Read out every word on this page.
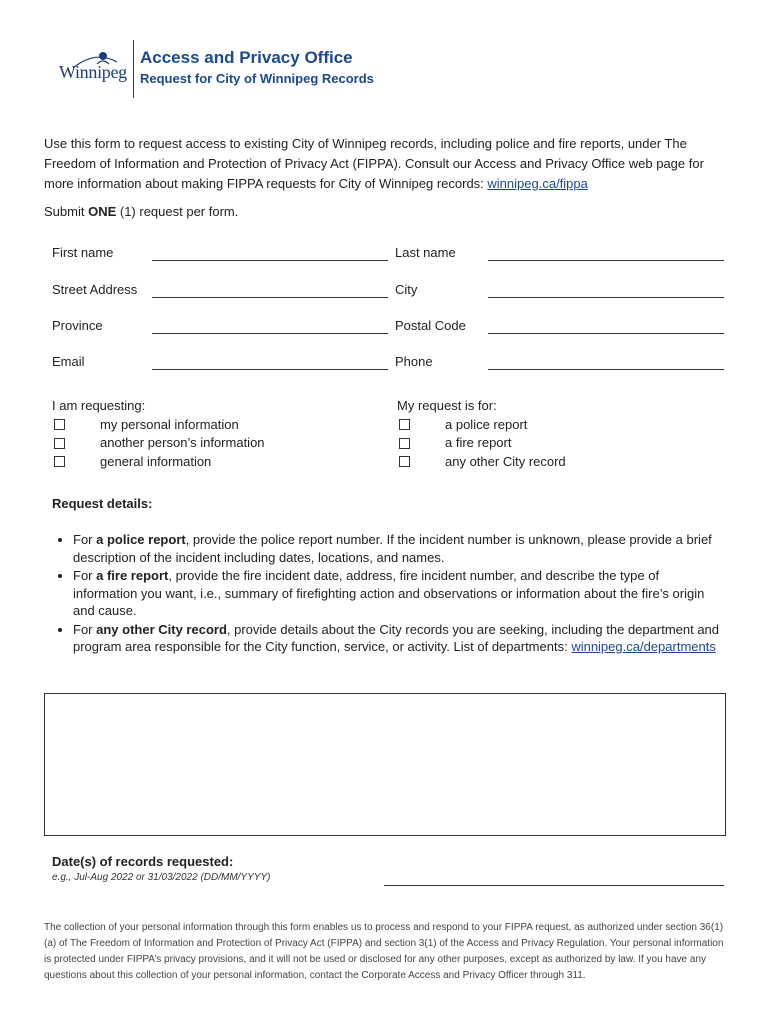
Winnipeg
Access and Privacy Office
Request for City of Winnipeg Records
Use this form to request access to existing City of Winnipeg records, including police and fire reports, under The Freedom of Information and Protection of Privacy Act (FIPPA). Consult our Access and Privacy Office web page for more information about making FIPPA requests for City of Winnipeg records: winnipeg.ca/fippa
Submit ONE (1) request per form.
First name	Last name
Street Address	City
Province	Postal Code
Email	Phone
I am requesting:
my personal information
another person’s information
general information
My request is for:
a police report
a fire report
any other City record
Request details:
• For a police report, provide the police report number. If the incident number is unknown, please provide a brief description of the incident including dates, locations, and names.
• For a fire report, provide the fire incident date, address, fire incident number, and describe the type of information you want, i.e., summary of firefighting action and observations or information about the fire’s origin and cause.
• For any other City record, provide details about the City records you are seeking, including the department and program area responsible for the City function, service, or activity. List of departments: winnipeg.ca/departments
Date(s) of records requested:
e.g., Jul-Aug 2022 or 31/03/2022 (DD/MM/YYYY)
The collection of your personal information through this form enables us to process and respond to your FIPPA request, as authorized under section 36(1)(a) of The Freedom of Information and Protection of Privacy Act (FIPPA) and section 3(1) of the Access and Privacy Regulation. Your personal information is protected under FIPPA’s privacy provisions, and it will not be used or disclosed for any other purposes, except as authorized by law. If you have any questions about this collection of your personal information, contact the Corporate Access and Privacy Officer through 311.
